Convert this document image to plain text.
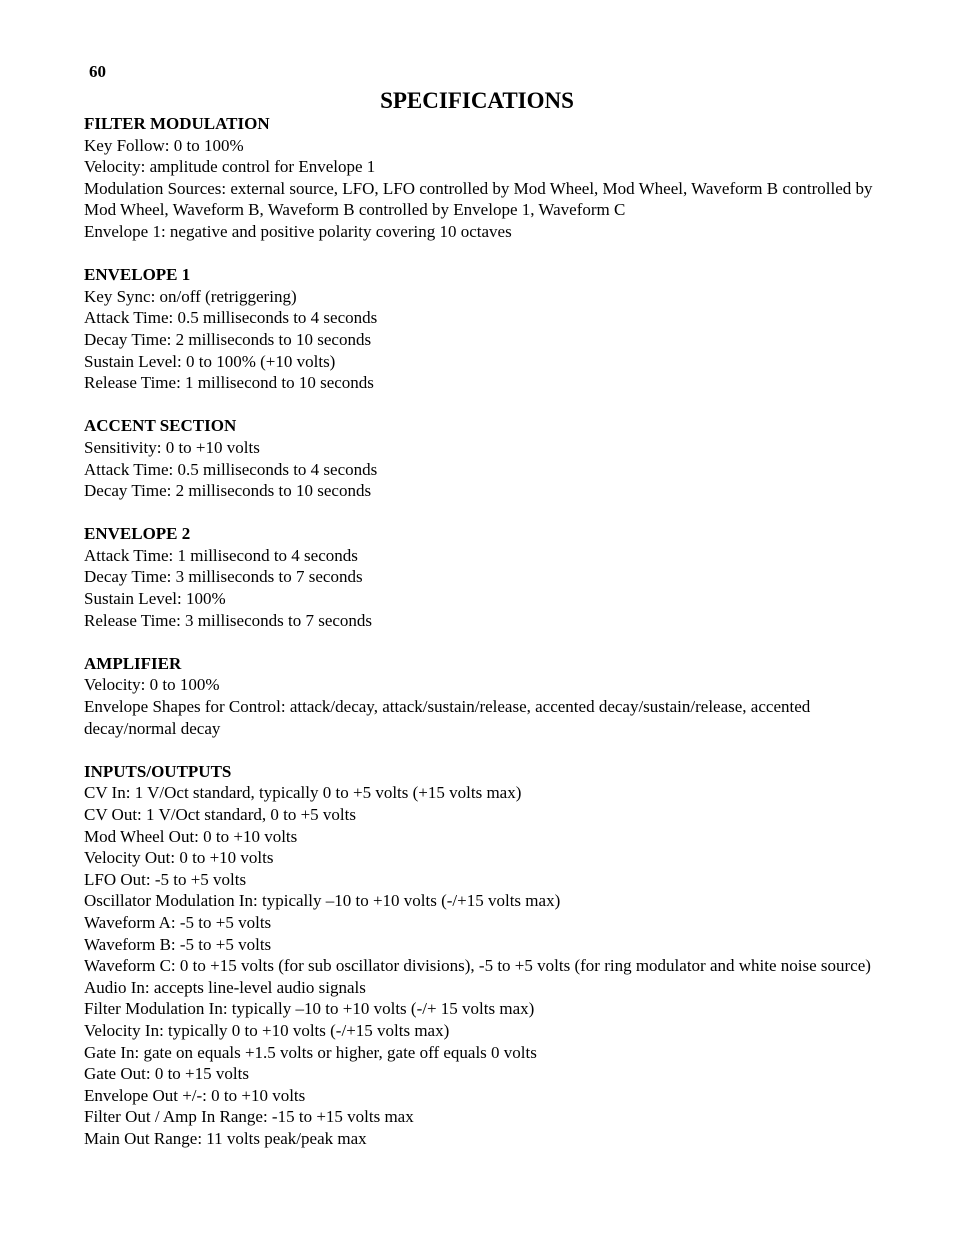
60
SPECIFICATIONS
FILTER MODULATION
Key Follow: 0 to 100%
Velocity: amplitude control for Envelope 1
Modulation Sources: external source, LFO, LFO controlled by Mod Wheel, Mod Wheel, Waveform B controlled by Mod Wheel, Waveform B, Waveform B controlled by Envelope 1, Waveform C
Envelope 1: negative and positive polarity covering 10 octaves
ENVELOPE 1
Key Sync: on/off (retriggering)
Attack Time: 0.5 milliseconds to 4 seconds
Decay Time: 2 milliseconds to 10 seconds
Sustain Level: 0 to 100% (+10 volts)
Release Time: 1 millisecond to 10 seconds
ACCENT SECTION
Sensitivity: 0 to +10 volts
Attack Time: 0.5 milliseconds to 4 seconds
Decay Time: 2 milliseconds to 10 seconds
ENVELOPE 2
Attack Time: 1 millisecond to 4 seconds
Decay Time: 3 milliseconds to 7 seconds
Sustain Level: 100%
Release Time: 3 milliseconds to 7 seconds
AMPLIFIER
Velocity: 0 to 100%
Envelope Shapes for Control: attack/decay, attack/sustain/release, accented decay/sustain/release, accented decay/normal decay
INPUTS/OUTPUTS
CV In: 1 V/Oct standard, typically 0 to +5 volts (+15 volts max)
CV Out: 1 V/Oct standard, 0 to +5 volts
Mod Wheel Out: 0 to +10 volts
Velocity Out: 0 to +10 volts
LFO Out: -5 to +5 volts
Oscillator Modulation In: typically –10 to +10 volts (-/+15 volts max)
Waveform A: -5 to +5 volts
Waveform B: -5 to +5 volts
Waveform C: 0 to +15 volts (for sub oscillator divisions), -5 to +5 volts (for ring modulator and white noise source)
Audio In: accepts line-level audio signals
Filter Modulation In: typically –10 to +10 volts (-/+ 15 volts max)
Velocity In: typically 0 to +10 volts (-/+15 volts max)
Gate In: gate on equals +1.5 volts or higher, gate off equals 0 volts
Gate Out: 0 to +15 volts
Envelope Out +/-: 0 to +10 volts
Filter Out / Amp In Range: -15 to +15 volts max
Main Out Range: 11 volts peak/peak max
